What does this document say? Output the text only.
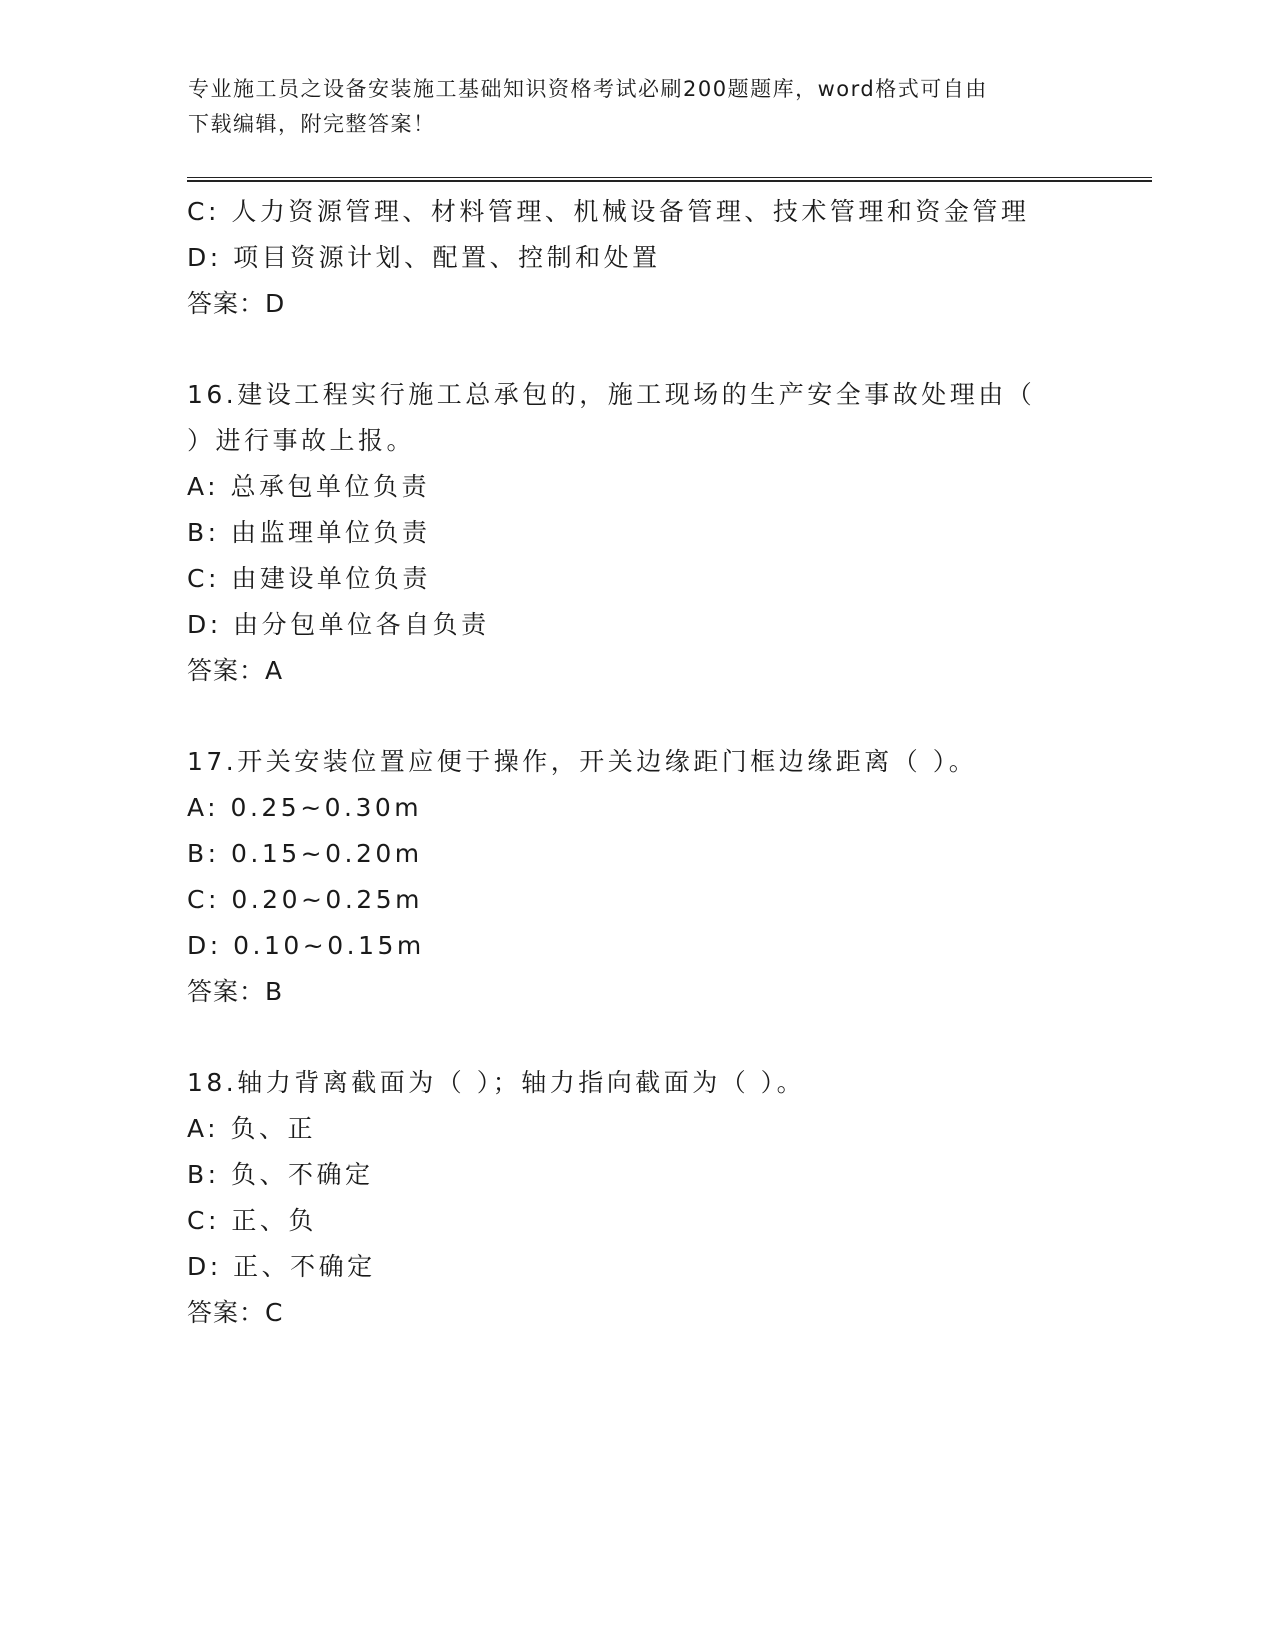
专业施工员之设备安装施工基础知识资格考试必刷200题题库，word格式可自由
下载编辑，附完整答案！
C: 人力资源管理、材料管理、机械设备管理、技术管理和资金管理
D: 项目资源计划、配置、控制和处置
答案：D
16.建设工程实行施工总承包的，施工现场的生产安全事故处理由（
）进行事故上报。
A: 总承包单位负责
B: 由监理单位负责
C: 由建设单位负责
D: 由分包单位各自负责
答案：A
17.开关安装位置应便于操作，开关边缘距门框边缘距离（ ）。
A: 0.25~0.30m
B: 0.15~0.20m
C: 0.20~0.25m
D: 0.10~0.15m
答案：B
18.轴力背离截面为（ ）；轴力指向截面为（ ）。
A: 负、正
B: 负、不确定
C: 正、负
D: 正、不确定
答案：C
